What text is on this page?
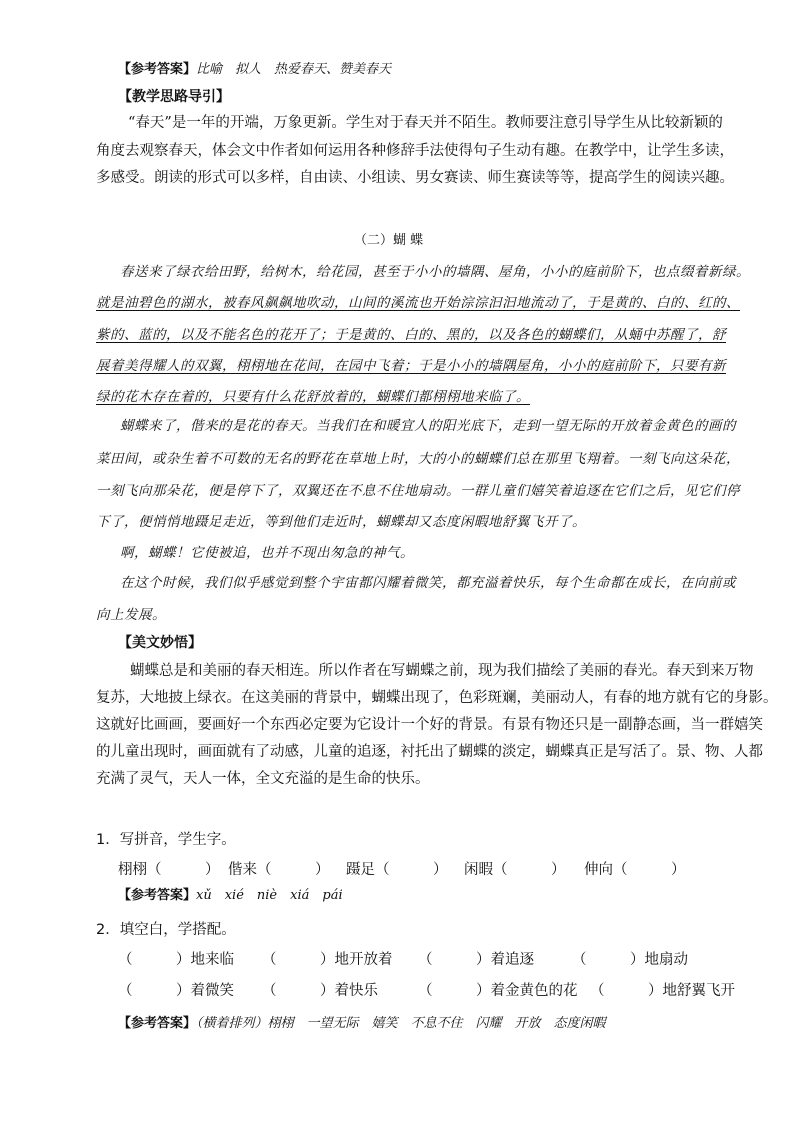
【参考答案】比喻　拟人　热爱春天、赞美春天
【教学思路导引】
“春天”是一年的开端，万象更新。学生对于春天并不陌生。教师要注意引导学生从比较新颖的
角度去观察春天，体会文中作者如何运用各种修辞手法使得句子生动有趣。在教学中，让学生多读，
多感受。朗读的形式可以多样，自由读、小组读、男女赛读、师生赛读等等，提高学生的阅读兴趣。
（二）蝴 蝶
春送来了绿衣给田野，给树木，给花园，甚至于小小的墙隅、屋角，小小的庭前阶下，也点缀着新绿。
就是油碧色的湖水，被春风飙飙地吹动，山间的溪流也开始淙淙汩汩地流动了，于是黄的、白的、红的、
紫的、蓝的，以及不能名色的花开了；于是黄的、白的、黑的，以及各色的蝴蝶们，从蛹中苏醒了，舒
展着美得耀人的双翼，栩栩地在花间，在园中飞着；于是小小的墙隅屋角，小小的庭前阶下，只要有新
绿的花木存在着的，只要有什么花舒放着的，蝴蝶们都栩栩地来临了。
蝴蝶来了，偕来的是花的春天。当我们在和暖宜人的阳光底下，走到一望无际的开放着金黄色的画的
菜田间，或杂生着不可数的无名的野花在草地上时，大的小的蝴蝶们总在那里飞翔着。一刻飞向这朵花，
一刻飞向那朵花，便是停下了，双翼还在不息不住地扇动。一群儿童们嬉笑着追逐在它们之后，见它们停
下了，便悄悄地蹑足走近，等到他们走近时，蝴蝶却又态度闲暇地舒翼飞开了。
啊，蝴蝶！它使被追，也并不现出匆急的神气。
在这个时候，我们似乎感觉到整个宇宙都闪耀着微笑，都充溢着快乐，每个生命都在成长，在向前或
向上发展。
【美文妙悟】
蝴蝶总是和美丽的春天相连。所以作者在写蝴蝶之前，现为我们描绘了美丽的春光。春天到来万物
复苏，大地披上绿衣。在这美丽的背景中，蝴蝶出现了，色彩斑斓，美丽动人，有春的地方就有它的身影。
这就好比画画，要画好一个东西必定要为它设计一个好的背景。有景有物还只是一副静态画，当一群嬉笑
的儿童出现时，画面就有了动感，儿童的追逐，衬托出了蝴蝶的淡定，蝴蝶真正是写活了。景、物、人都
充满了灵气，天人一体，全文充溢的是生命的快乐。
1．写拼音，学生字。
栩栩（　　　） 偕来（　　　） 蹑足（　　　） 闲暇（　　　） 伸向（　　　）
【参考答案】xǔ　xié　niè　xiá　pái
2．填空白，学搭配。
（　　　）地来临 （　　　）地开放着 （　　　）着追逐	（　　　）地扇动
（　　　）着微笑 （　　　）着快乐	（　　　）着金黄色的花 （　　　）地舒翼飞开
【参考答案】（横着排列）栩栩　一望无际　嬉笑　不息不住　闪耀　开放　态度闲暇
